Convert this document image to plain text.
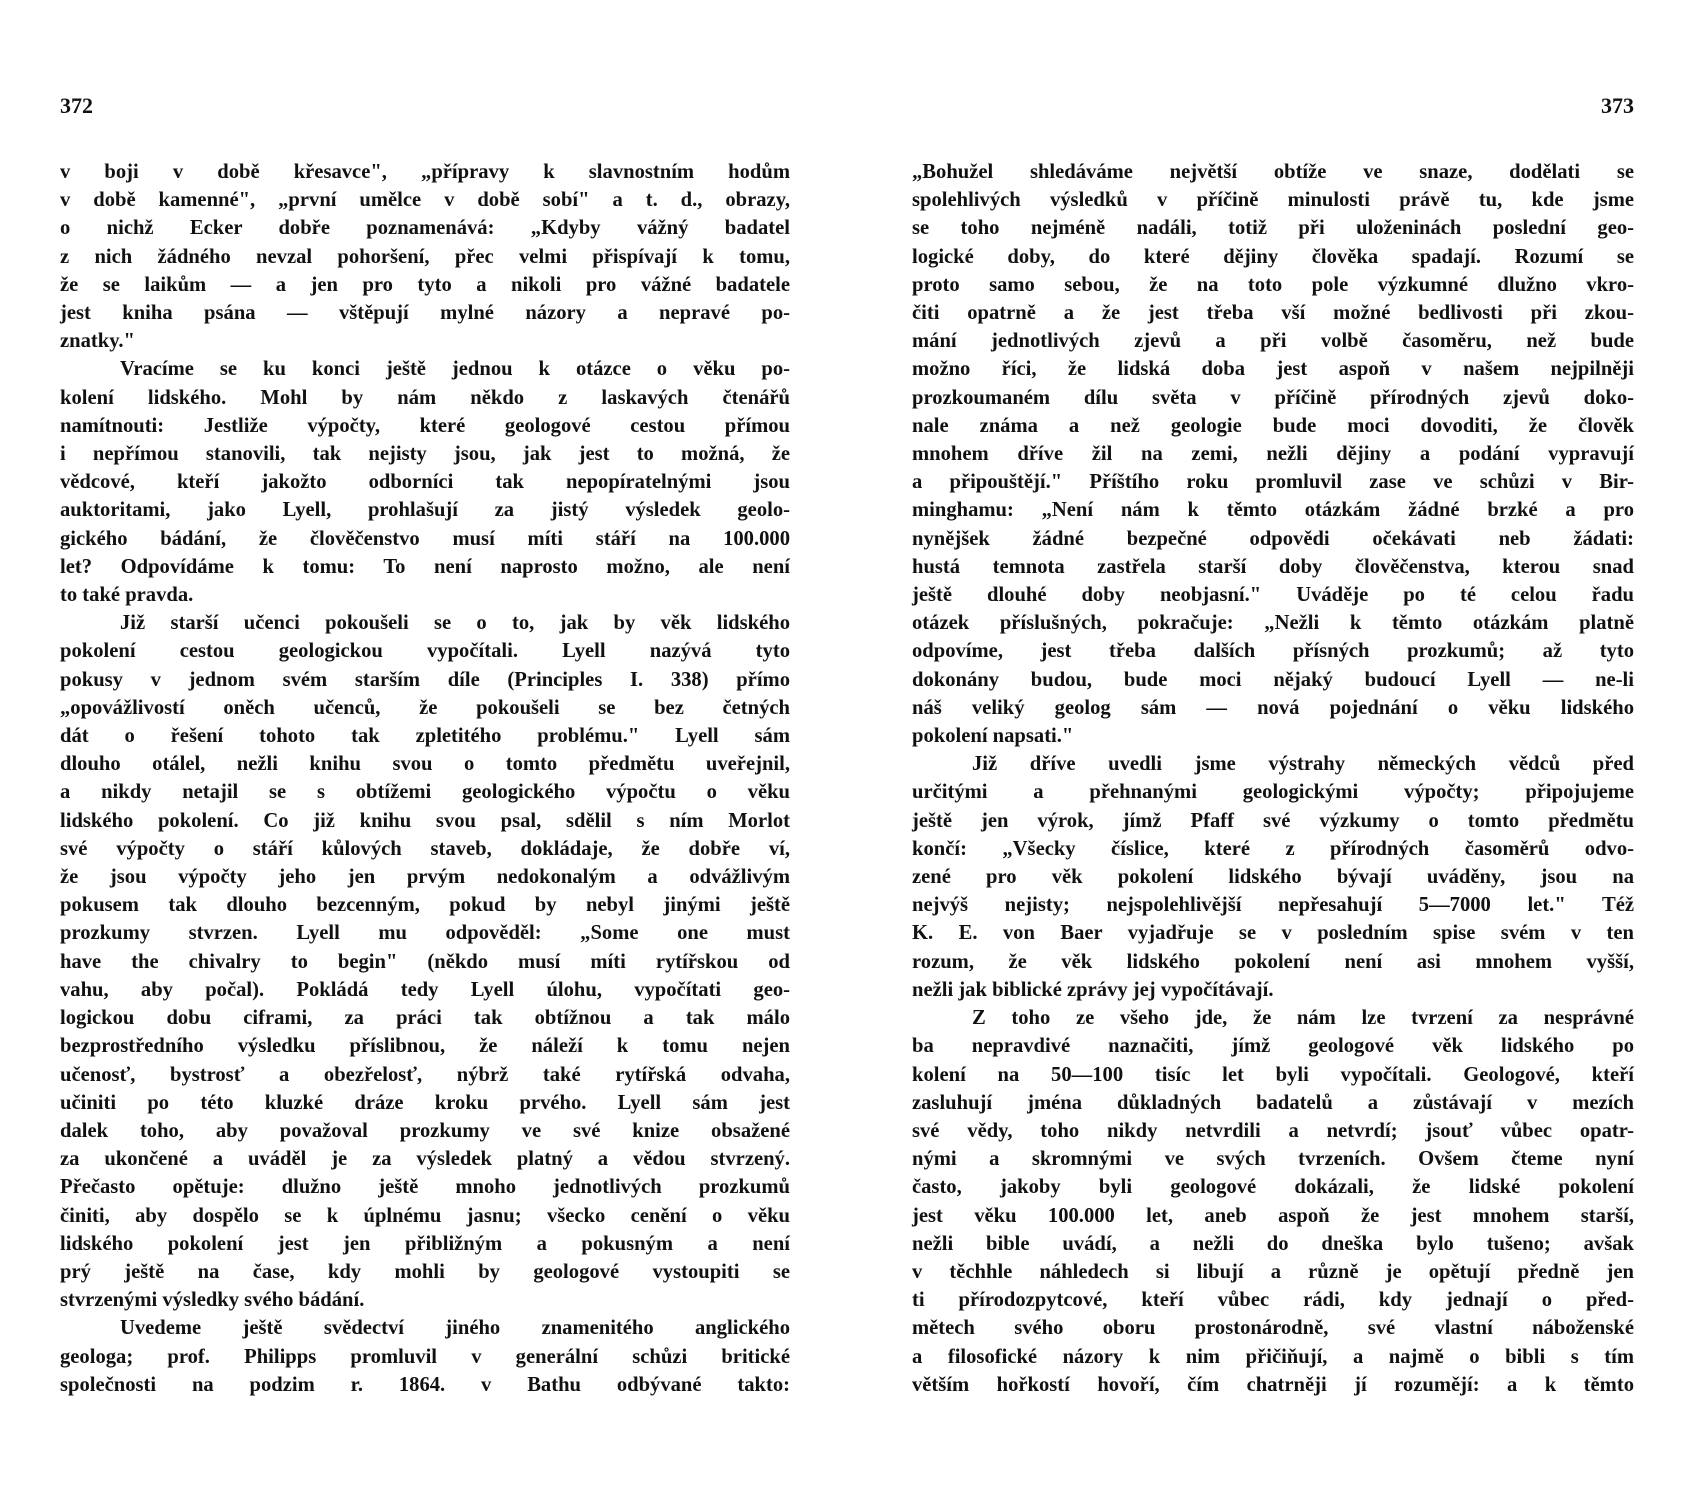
372
v boji v době křesavce", „přípravy k slavnostním hodům
v době kamenné", „první umělce v době sobí" a t. d., obrazy,
o nichž Ecker dobře poznamenává: „Kdyby vážný badatel
z nich žádného nevzal pohoršení, přec velmi přispívají k tomu,
že se laikům — a jen pro tyto a nikoli pro vážné badatele
jest kniha psána — vštěpují mylné názory a nepravé po-
znatky."
Vracíme se ku konci ještě jednou k otázce o věku po-
kolení lidského. Mohl by nám někdo z laskavých čtenářů
namítnouti: Jestliže výpočty, které geologové cestou přímou
i nepřímou stanovili, tak nejisty jsou, jak jest to možná, že
vědcové, kteří jakožto odborníci tak nepopíratelnými jsou
auktoritami, jako Lyell, prohlašují za jistý výsledek geolo-
gického bádání, že člověčenstvo musí míti stáří na 100.000
let? Odpovídáme k tomu: To není naprosto možno, ale není
to také pravda.
Již starší učenci pokoušeli se o to, jak by věk lidského
pokolení cestou geologickou vypočítali. Lyell nazývá tyto
pokusy v jednom svém starším díle (Principles I. 338) přímo
„opovážlivostí oněch učenců, že pokoušeli se bez četných
dát o řešení tohoto tak zpletitého problému." Lyell sám
dlouho otálel, nežli knihu svou o tomto předmětu uveřejnil,
a nikdy netajil se s obtížemi geologického výpočtu o věku
lidského pokolení. Co již knihu svou psal, sdělil s ním Morlot
své výpočty o stáří kůlových staveb, dokládaje, že dobře ví,
že jsou výpočty jeho jen prvým nedokonalým a odvážlivým
pokusem tak dlouho bezcenným, pokud by nebyl jinými ještě
prozkumy stvrzen. Lyell mu odpověděl: „Some one must
have the chivalry to begin" (někdo musí míti rytířskou od
vahu, aby počal). Pokládá tedy Lyell úlohu, vypočítati geo-
logickou dobu ciframi, za práci tak obtížnou a tak málo
bezprostředního výsledku příslibnou, že náleží k tomu nejen
učenosť, bystrosť a obezřelosť, nýbrž také rytířská odvaha,
učiniti po této kluzké dráze kroku prvého. Lyell sám jest
dalek toho, aby považoval prozkumy ve své knize obsažené
za ukončené a uváděl je za výsledek platný a vědou stvrzený.
Přečasto opětuje: dlužno ještě mnoho jednotlivých prozkumů
činiti, aby dospělo se k úplnému jasnu; všecko cenění o věku
lidského pokolení jest jen přibližným a pokusným a není
prý ještě na čase, kdy mohli by geologové vystoupiti se
stvrzenými výsledky svého bádání.
Uvedeme ještě svědectví jiného znamenitého anglického
geologa; prof. Philipps promluvil v generální schůzi britické
společnosti na podzim r. 1864. v Bathu odbývané takto:
373
„Bohužel shledáváme největší obtíže ve snaze, dodělati se
spolehlivých výsledků v příčině minulosti právě tu, kde jsme
se toho nejméně nadáli, totiž při uloženinách poslední geo-
logické doby, do které dějiny člověka spadají. Rozumí se
proto samo sebou, že na toto pole výzkumné dlužno vkro-
čiti opatrně a že jest třeba vší možné bedlivosti při zkou-
mání jednotlivých zjevů a při volbě časoměru, než bude
možno říci, že lidská doba jest aspoň v našem nejpilněji
prozkoumaném dílu světa v příčině přírodných zjevů doko-
nale známa a než geologie bude moci dovoditi, že člověk
mnohem dříve žil na zemi, nežli dějiny a podání vypravují
a připouštějí." Příštího roku promluvil zase ve schůzi v Bir-
minghamu: „Není nám k těmto otázkám žádné brzké a pro
nynějšek žádné bezpečné odpovědi očekávati neb žádati:
hustá temnota zastřela starší doby člověčenstva, kterou snad
ještě dlouhé doby neobjasní." Uváděje po té celou řadu
otázek příslušných, pokračuje: „Nežli k těmto otázkám platně
odpovíme, jest třeba dalších přísných prozkumů; až tyto
dokonány budou, bude moci nějaký budoucí Lyell — ne-li
náš veliký geolog sám — nová pojednání o věku lidského
pokolení napsati."
Již dříve uvedli jsme výstrahy německých vědců před
určitými a přehnanými geologickými výpočty; připojujeme
ještě jen výrok, jímž Pfaff své výzkumy o tomto předmětu
končí: „Všecky číslice, které z přírodných časoměrů odvo-
zené pro věk pokolení lidského bývají uváděny, jsou na
nejvýš nejisty; nejspolehlivější nepřesahují 5—7000 let." Též
K. E. von Baer vyjadřuje se v posledním spise svém v ten
rozum, že věk lidského pokolení není asi mnohem vyšší,
nežli jak biblické zprávy jej vypočítávají.
Z toho ze všeho jde, že nám lze tvrzení za nesprávné
ba nepravdivé naznačiti, jímž geologové věk lidského po
kolení na 50—100 tisíc let byli vypočítali. Geologové, kteří
zasluhují jména důkladných badatelů a zůstávají v mezích
své vědy, toho nikdy netvrdili a netvrdí; jsouť vůbec opatr-
nými a skromnými ve svých tvrzeních. Ovšem čteme nyní
často, jakoby byli geologové dokázali, že lidské pokolení
jest věku 100.000 let, aneb aspoň že jest mnohem starší,
nežli bible uvádí, a nežli do dneška bylo tušeno; avšak
v těchhle náhledech si libují a různě je opětují předně jen
ti přírodozpytcové, kteří vůbec rádi, kdy jednají o před-
mětech svého oboru prostonárodně, své vlastní náboženské
a filosofické názory k nim přičiňují, a najmě o bibli s tím
větším hořkostí hovoří, čím chatrněji jí rozumějí: a k těmto
